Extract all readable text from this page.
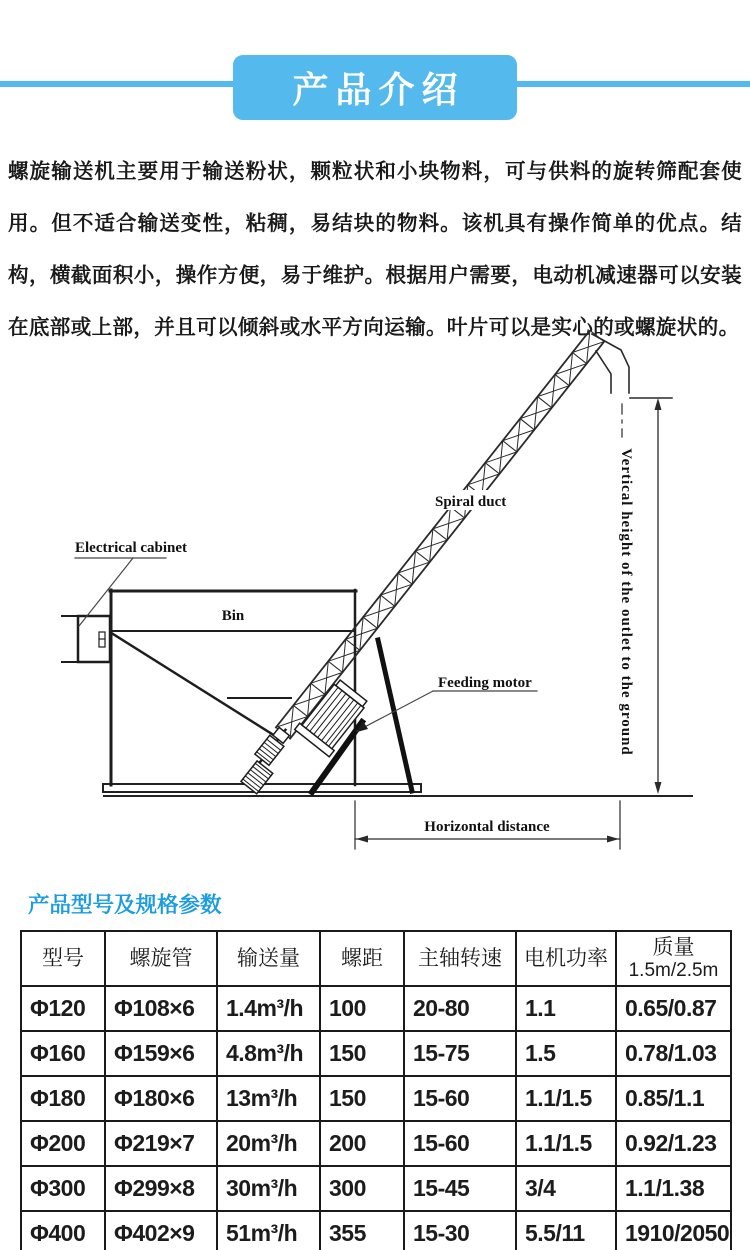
产品介绍
螺旋输送机主要用于输送粉状，颗粒状和小块物料，可与供料的旋转筛配套使用。但不适合输送变性，粘稠，易结块的物料。该机具有操作简单的优点。结构，横截面积小，操作方便，易于维护。根据用户需要，电动机减速器可以安装在底部或上部，并且可以倾斜或水平方向运输。叶片可以是实心的或螺旋状的。
Electrical cabinet
Bin
Spiral duct
Feeding motor	Vertical height of the outlet to the ground
Horizontal distance
产品型号及规格参数
型号	螺旋管	输送量	螺距	主轴转速	电机功率	质量
1.5m/2.5m

Φ120	Φ108×6	1.4m³/h	100	20-80	1.1	0.65/0.87
Φ160	Φ159×6	4.8m³/h	150	15-75	1.5	0.78/1.03
Φ180	Φ180×6	13m³/h	150	15-60	1.1/1.5	0.85/1.1
Φ200	Φ219×7	20m³/h	200	15-60	1.1/1.5	0.92/1.23
Φ300	Φ299×8	30m³/h	300	15-45	3/4	1.1/1.38
Φ400	Φ402×9	51m³/h	355	15-30	5.5/11	1910/2050
